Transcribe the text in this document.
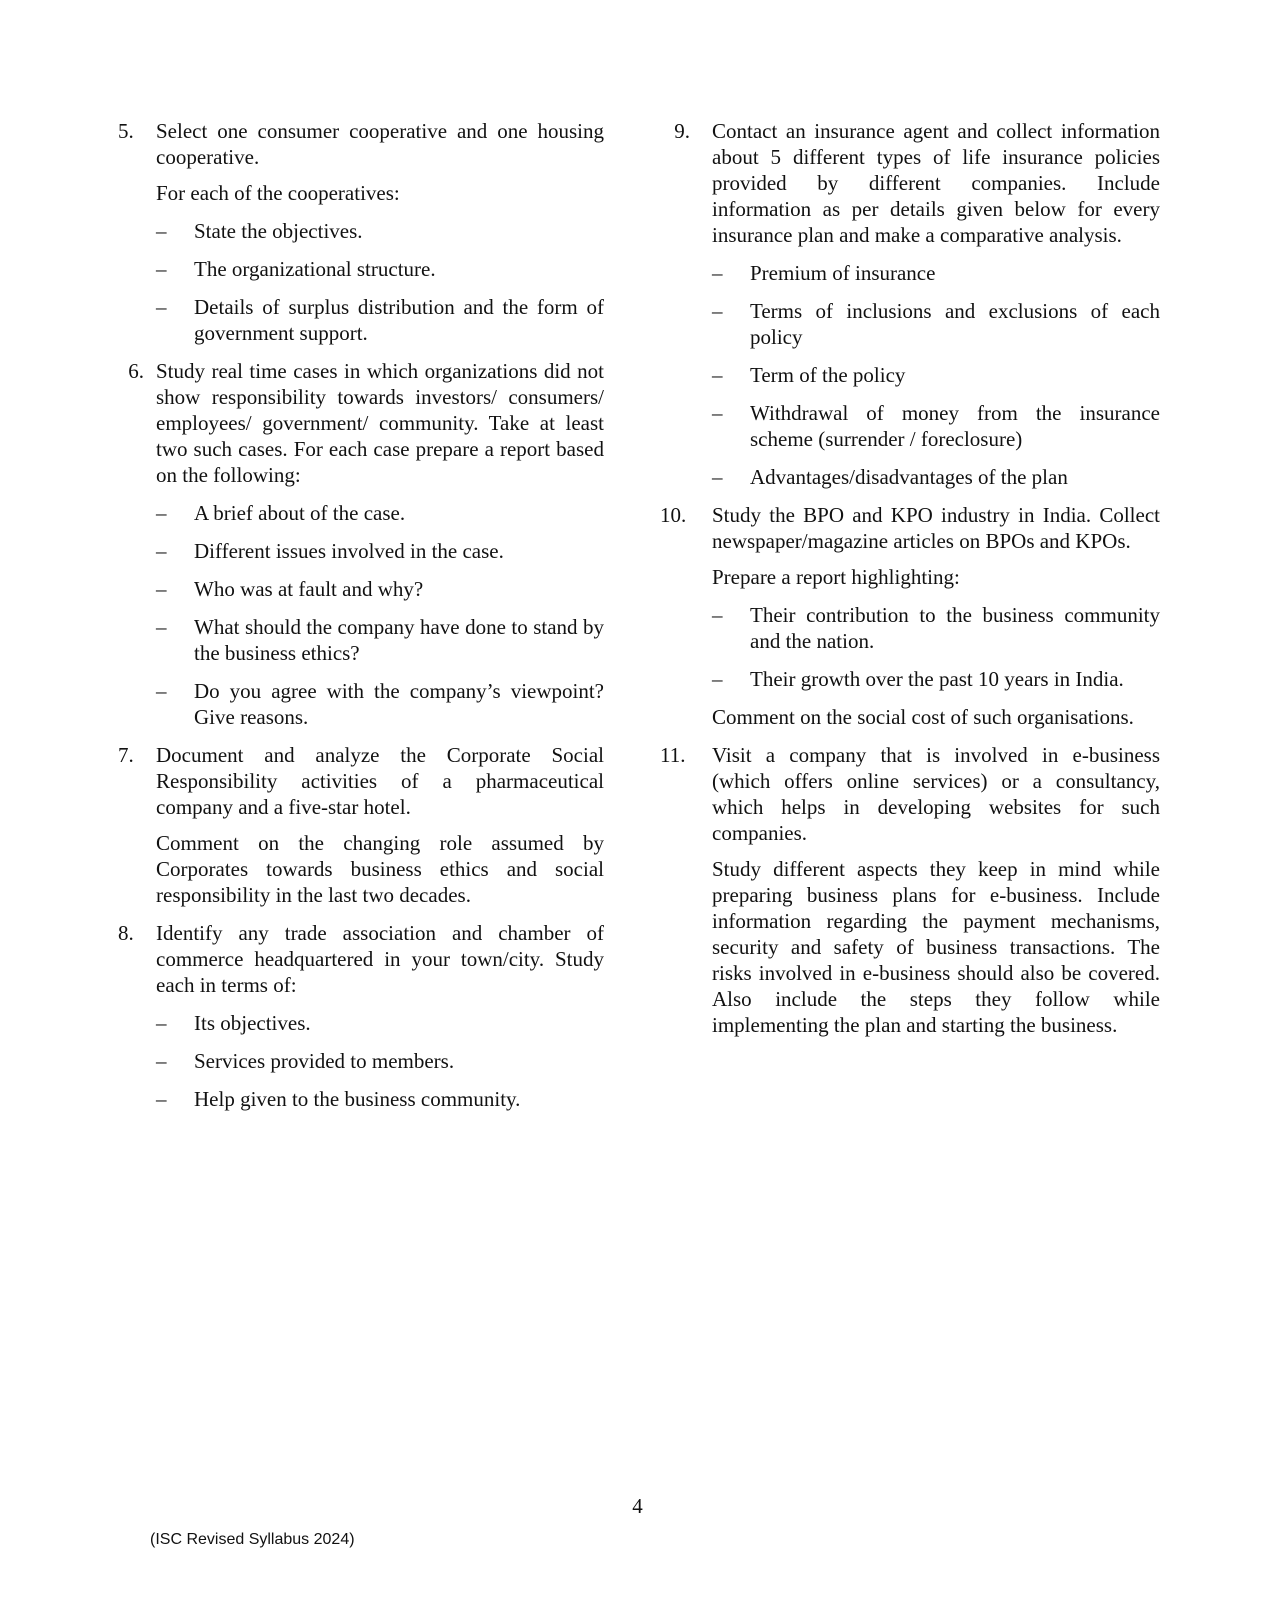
5.	Select one consumer cooperative and one housing cooperative.
For each of the cooperatives:
– State the objectives.
– The organizational structure.
– Details of surplus distribution and the form of government support.
6. Study real time cases in which organizations did not show responsibility towards investors/ consumers/ employees/ government/ community. Take at least two such cases. For each case prepare a report based on the following:
– A brief about of the case.
– Different issues involved in the case.
– Who was at fault and why?
– What should the company have done to stand by the business ethics?
– Do you agree with the company’s viewpoint? Give reasons.
7.	Document and analyze the Corporate Social Responsibility activities of a pharmaceutical company and a five-star hotel.
Comment on the changing role assumed by Corporates towards business ethics and social responsibility in the last two decades.
8.	Identify any trade association and chamber of commerce headquartered in your town/city. Study each in terms of:
– Its objectives.
– Services provided to members.
– Help given to the business community.
9. Contact an insurance agent and collect information about 5 different types of life insurance policies provided by different companies. Include information as per details given below for every insurance plan and make a comparative analysis.
– Premium of insurance
– Terms of inclusions and exclusions of each policy
– Term of the policy
– Withdrawal of money from the insurance scheme (surrender / foreclosure)
– Advantages/disadvantages of the plan
10.	Study the BPO and KPO industry in India. Collect newspaper/magazine articles on BPOs and KPOs.
Prepare a report highlighting:
– Their contribution to the business community and the nation.
– Their growth over the past 10 years in India.
Comment on the social cost of such organisations.
11.	Visit a company that is involved in e-business (which offers online services) or a consultancy, which helps in developing websites for such companies.
Study different aspects they keep in mind while preparing business plans for e-business. Include information regarding the payment mechanisms, security and safety of business transactions. The risks involved in e-business should also be covered. Also include the steps they follow while implementing the plan and starting the business.
4
(ISC Revised Syllabus 2024)
